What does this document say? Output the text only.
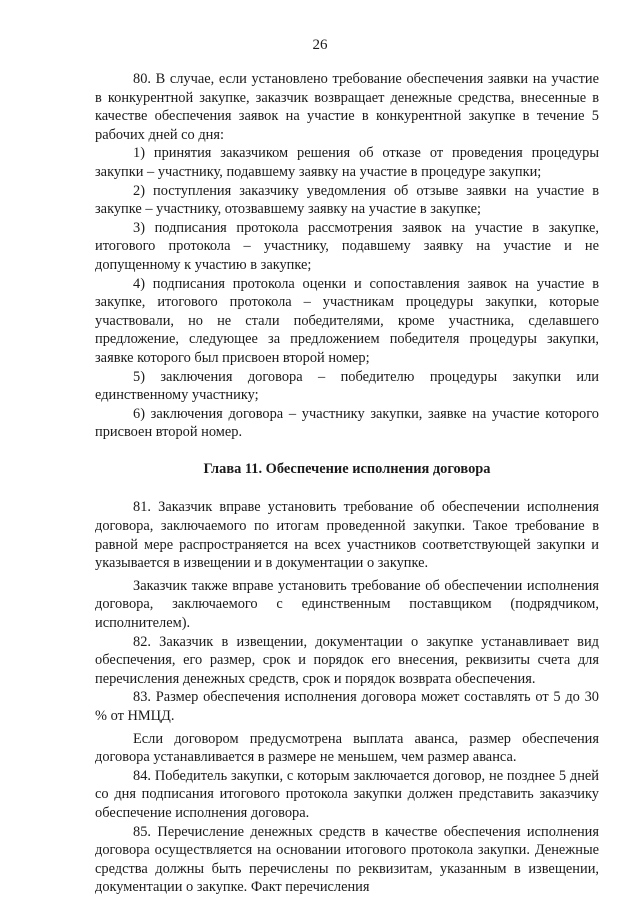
26

80. В случае, если установлено требование обеспечения заявки на участие в конкурентной закупке, заказчик возвращает денежные средства, внесенные в качестве обеспечения заявок на участие в конкурентной закупке в течение 5 рабочих дней со дня:

1) принятия заказчиком решения об отказе от проведения процедуры закупки – участнику, подавшему заявку на участие в процедуре закупки;

2) поступления заказчику уведомления об отзыве заявки на участие в закупке – участнику, отозвавшему заявку на участие в закупке;

3) подписания протокола рассмотрения заявок на участие в закупке, итогового протокола – участнику, подавшему заявку на участие и не допущенному к участию в закупке;

4) подписания протокола оценки и сопоставления заявок на участие в закупке, итогового протокола – участникам процедуры закупки, которые участвовали, но не стали победителями, кроме участника, сделавшего предложение, следующее за предложением победителя процедуры закупки, заявке которого был присвоен второй номер;

5) заключения договора – победителю процедуры закупки или единственному участнику;

6) заключения договора – участнику закупки, заявке на участие которого присвоен второй номер.

Глава 11. Обеспечение исполнения договора

81. Заказчик вправе установить требование об обеспечении исполнения договора, заключаемого по итогам проведенной закупки. Такое требование в равной мере распространяется на всех участников соответствующей закупки и указывается в извещении и в документации о закупке.

Заказчик также вправе установить требование об обеспечении исполнения договора, заключаемого с единственным поставщиком (подрядчиком, исполнителем).

82. Заказчик в извещении, документации о закупке устанавливает вид обеспечения, его размер, срок и порядок его внесения, реквизиты счета для перечисления денежных средств, срок и порядок возврата обеспечения.

83. Размер обеспечения исполнения договора может составлять от 5 до 30 % от НМЦД.

Если договором предусмотрена выплата аванса, размер обеспечения договора устанавливается в размере не меньшем, чем размер аванса.

84. Победитель закупки, с которым заключается договор, не позднее 5 дней со дня подписания итогового протокола закупки должен представить заказчику обеспечение исполнения договора.

85. Перечисление денежных средств в качестве обеспечения исполнения договора осуществляется на основании итогового протокола закупки. Денежные средства должны быть перечислены по реквизитам, указанным в извещении, документации о закупке. Факт перечисления
